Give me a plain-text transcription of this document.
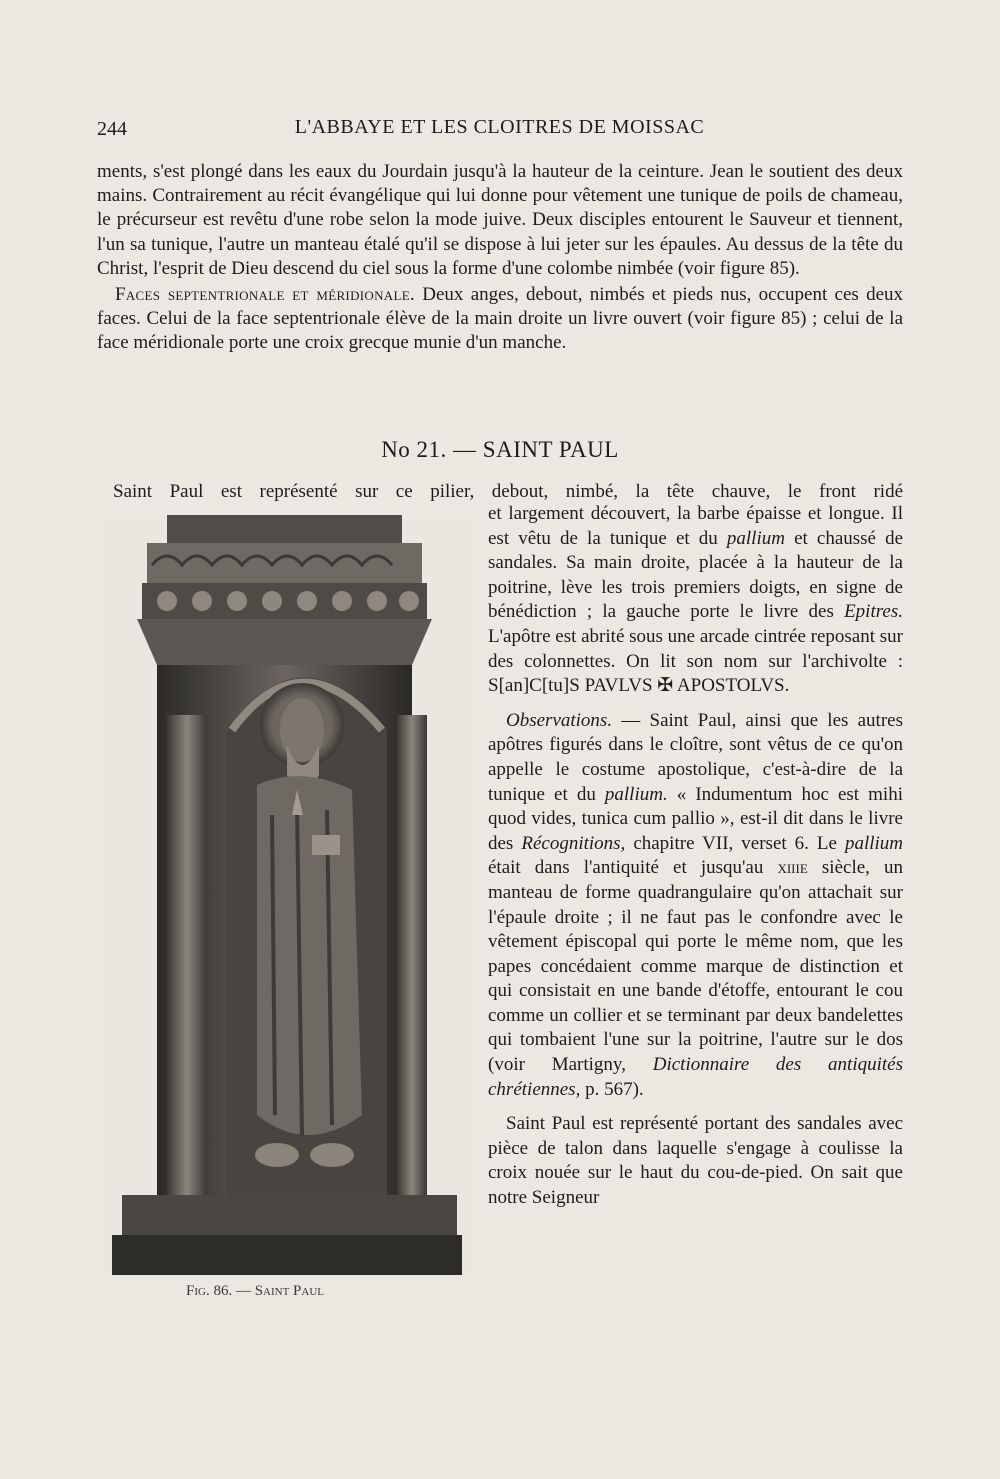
244	L'ABBAYE ET LES CLOITRES DE MOISSAC

ments, s'est plongé dans les eaux du Jourdain jusqu'à la hauteur de la ceinture. Jean le soutient des deux mains. Contrairement au récit évangélique qui lui donne pour vêtement une tunique de poils de chameau, le précurseur est revêtu d'une robe selon la mode juive. Deux disciples entourent le Sauveur et tiennent, l'un sa tunique, l'autre un manteau étalé qu'il se dispose à lui jeter sur les épaules. Au dessus de la tête du Christ, l'esprit de Dieu descend du ciel sous la forme d'une colombe nimbée (voir figure 85).

Faces septentrionale et méridionale. Deux anges, debout, nimbés et pieds nus, occupent ces deux faces. Celui de la face septentrionale élève de la main droite un livre ouvert (voir figure 85) ; celui de la face méridionale porte une croix grecque munie d'un manche.

No 21. — SAINT PAUL
Saint Paul est représenté sur ce pilier, debout, nimbé, la tête chauve, le front ridé
Fig. 86. — Saint Paul

et largement découvert, la barbe épaisse et longue. Il est vêtu de la tunique et du pallium et chaussé de sandales. Sa main droite, placée à la hauteur de la poitrine, lève les trois premiers doigts, en signe de bénédiction ; la gauche porte le livre des Epitres. L'apôtre est abrité sous une arcade cintrée reposant sur des colonnettes. On lit son nom sur l'archivolte : S[an]C[tu]S PAVLVS ✠ APOSTOLVS.

Observations. — Saint Paul, ainsi que les autres apôtres figurés dans le cloître, sont vêtus de ce qu'on appelle le costume apostolique, c'est-à-dire de la tunique et du pallium. « Indumentum hoc est mihi quod vides, tunica cum pallio », est-il dit dans le livre des Récognitions, chapitre VII, verset 6. Le pallium était dans l'antiquité et jusqu'au xiiie siècle, un manteau de forme quadrangulaire qu'on attachait sur l'épaule droite ; il ne faut pas le confondre avec le vêtement épiscopal qui porte le même nom, que les papes concédaient comme marque de distinction et qui consistait en une bande d'étoffe, entourant le cou comme un collier et se terminant par deux bandelettes qui tombaient l'une sur la poitrine, l'autre sur le dos (voir Martigny, Dictionnaire des antiquités chrétiennes, p. 567).

Saint Paul est représenté portant des sandales avec pièce de talon dans laquelle s'engage à coulisse la croix nouée sur le haut du cou-de-pied. On sait que notre Seigneur
